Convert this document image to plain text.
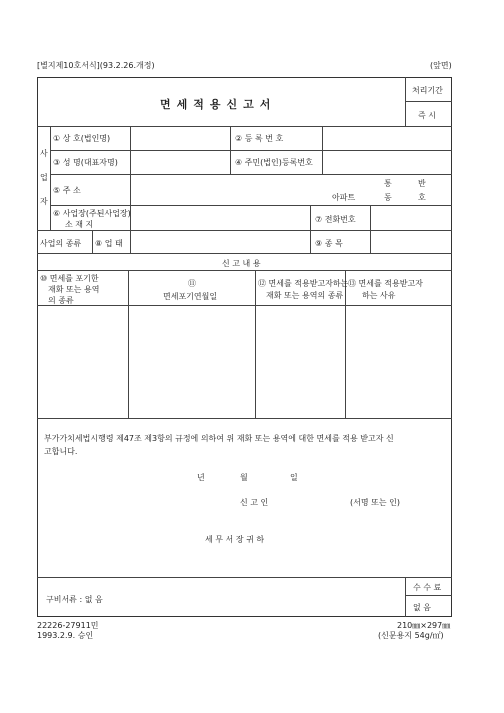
[별지제10호서식](93.2.26.개정)	(앞면)
면세적용신고서
처리기간
즉 시
사
업
자
① 상 호(법인명)	② 등 록 번 호
③ 성 명(대표자명)	④ 주민(법인)등록번호
⑤ 주 소
아파트
통	반
동	호
⑥ 사업장(주된사업장)
소 재 지
⑦ 전화번호
사업의 종류 ⑧ 업 태	⑨ 종 목
신 고 내 용
⑩ 면세를 포기한
재화 또는 용역
의 종류
⑪
면세포기연월일
⑫ 면세를 적용받고자하는
재화 또는 용역의 종류
⑬ 면세를 적용받고자
하는 사유
부가가치세법시행령 제47조 제3항의 규정에 의하여 위 재화 또는 용역에 대한 면세를 적용 받고자 신
고합니다.
년	월	일
신 고 인	(서명 또는 인)
세 무 서 장 귀 하
구비서류 : 없 음
수 수 료
없 음
22226-27911민
1993.2.9. 승인
210㎜×297㎜
(신문용지 54g/㎡)
